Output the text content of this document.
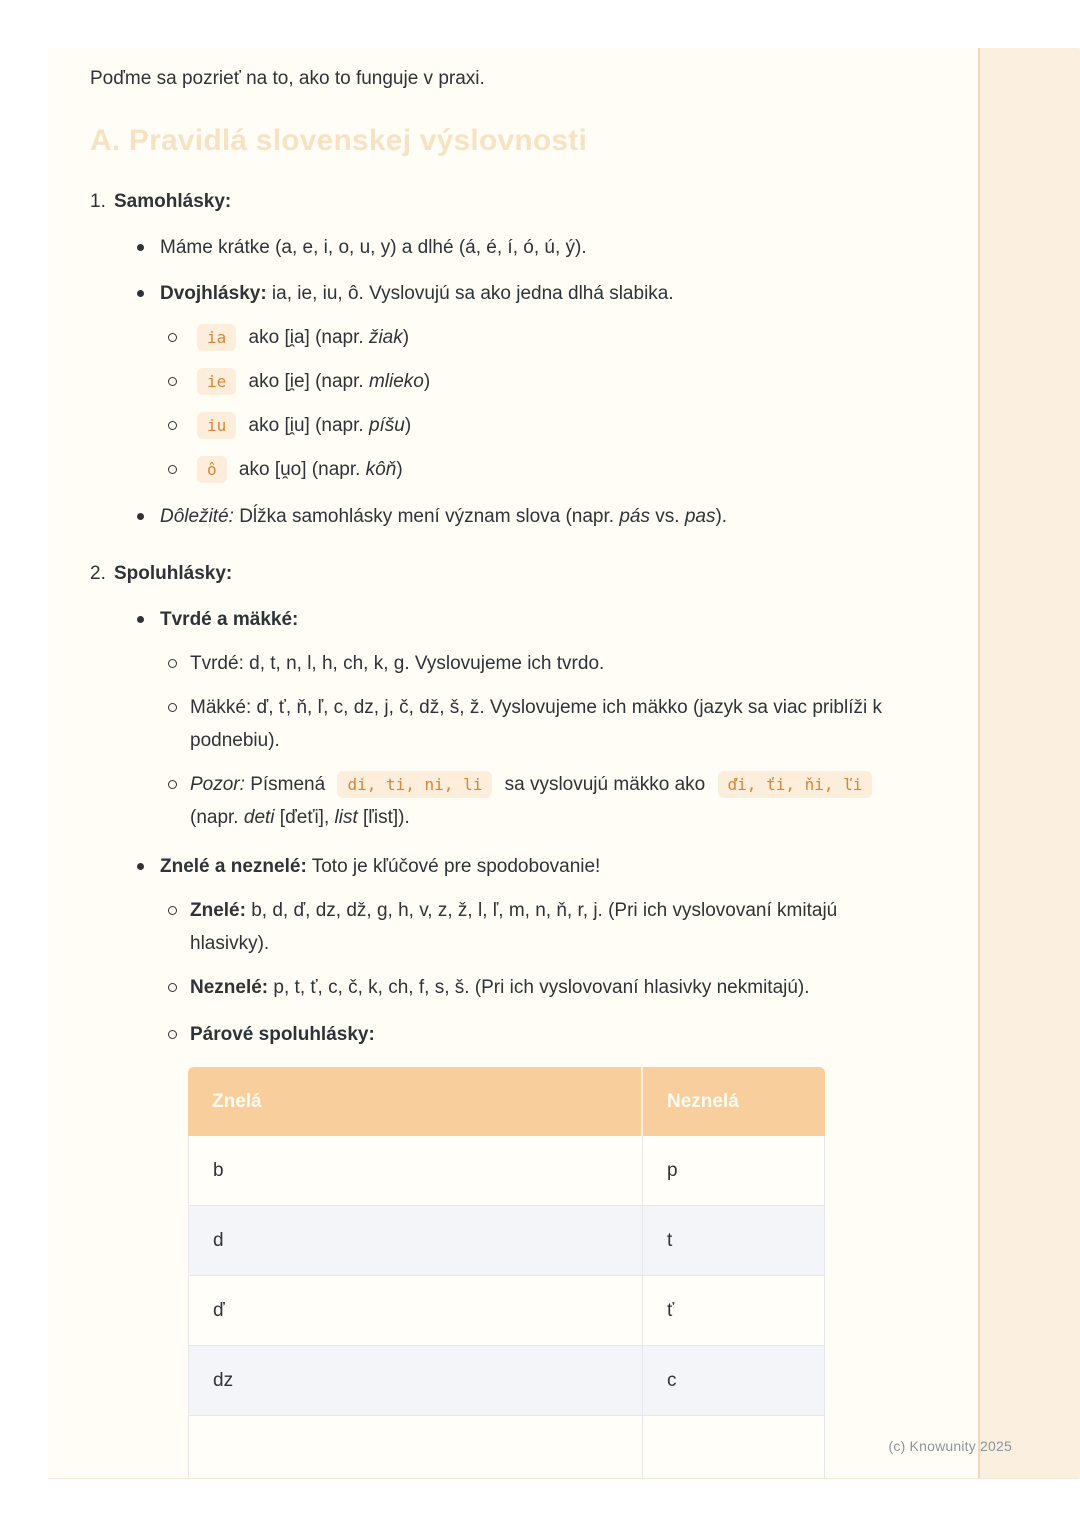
Poďme sa pozrieť na to, ako to funguje v praxi.

A. Pravidlá slovenskej výslovnosti
1. Samohlásky:
Máme krátke (a, e, i, o, u, y) a dlhé (á, é, í, ó, ú, ý).
Dvojhlásky: ia, ie, iu, ô. Vyslovujú sa ako jedna dlhá slabika.
ia ako [i̯a] (napr. žiak)
ie ako [i̯e] (napr. mlieko)
iu ako [i̯u] (napr. píšu)
ô ako [u̯o] (napr. kôň)
Dôležité: Dĺžka samohlásky mení význam slova (napr. pás vs. pas).
2. Spoluhlásky:
Tvrdé a mäkké:
Tvrdé: d, t, n, l, h, ch, k, g. Vyslovujeme ich tvrdo.
Mäkké: ď, ť, ň, ľ, c, dz, j, č, dž, š, ž. Vyslovujeme ich mäkko (jazyk sa viac priblíži k podnebiu).
Pozor: Písmená di, ti, ni, li sa vyslovujú mäkko ako ďi, ťi, ňi, ľi (napr. deti [ďeťi], list [ľist]).
Znelé a neznelé: Toto je kľúčové pre spodobovanie!
Znelé: b, d, ď, dz, dž, g, h, v, z, ž, l, ľ, m, n, ň, r, j. (Pri ich vyslovovaní kmitajú hlasivky).
Neznelé: p, t, ť, c, č, k, ch, f, s, š. (Pri ich vyslovovaní hlasivky nekmitajú).
Párové spoluhlásky:
Znelá	Neznelá
b	p
d	t
ď	ť
dz	c

(c) Knowunity 2025
